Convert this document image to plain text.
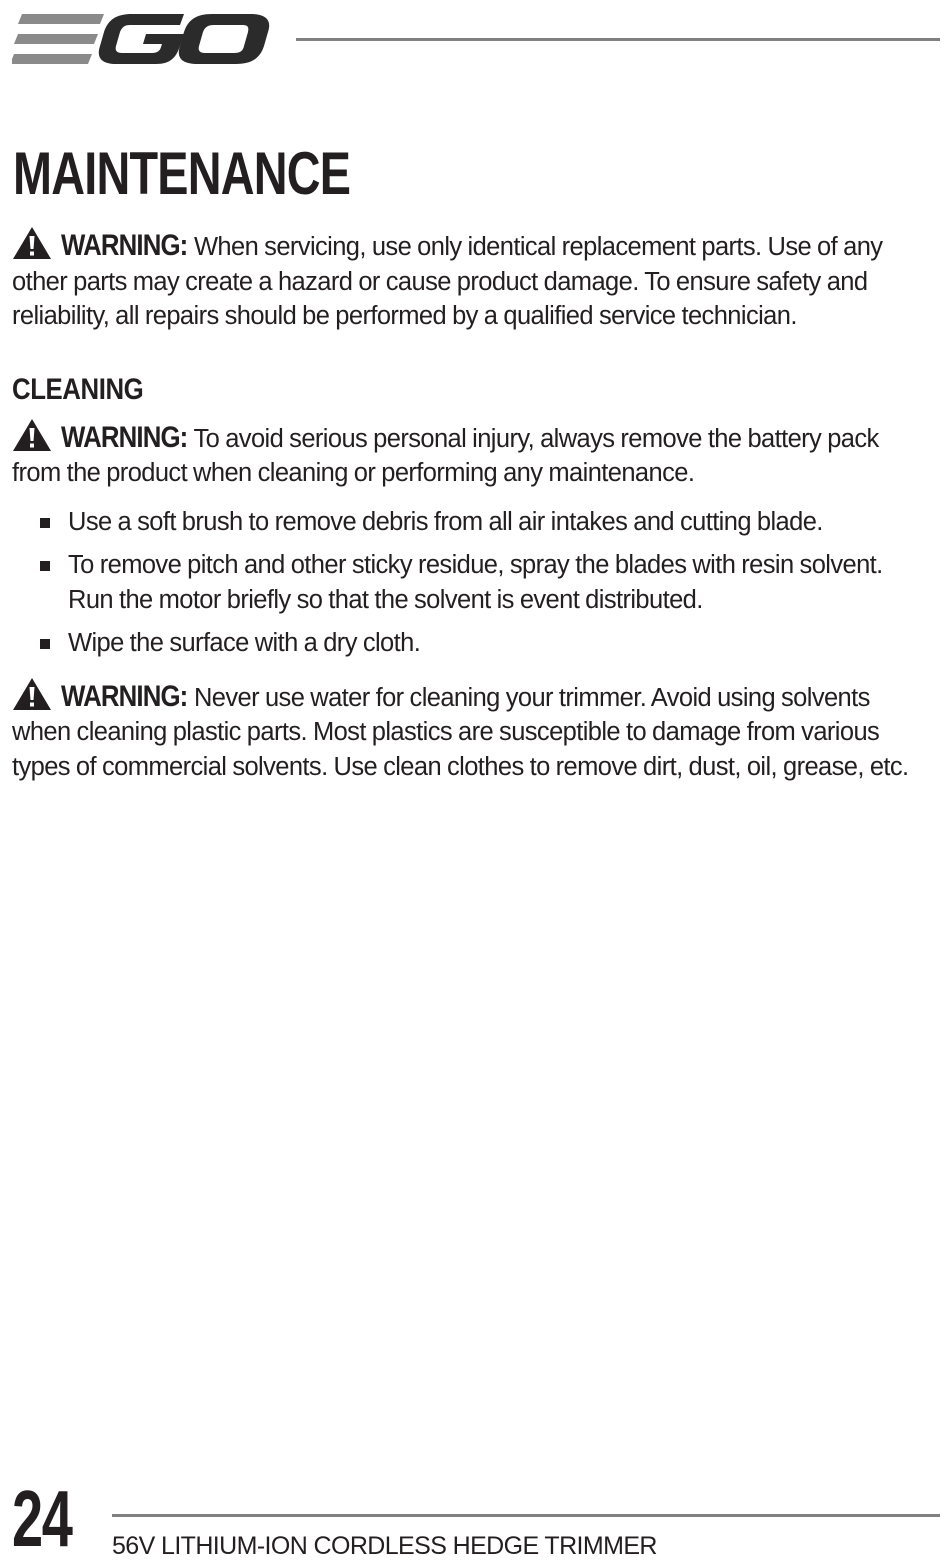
MAINTENANCE

WARNING: When servicing, use only identical replacement parts. Use of any other parts may create a hazard or cause product damage. To ensure safety and reliability, all repairs should be performed by a qualified service technician.

CLEANING

WARNING: To avoid serious personal injury, always remove the battery pack from the product when cleaning or performing any maintenance.

Use a soft brush to remove debris from all air intakes and cutting blade.
To remove pitch and other sticky residue, spray the blades with resin solvent. Run the motor briefly so that the solvent is event distributed.
Wipe the surface with a dry cloth.

WARNING: Never use water for cleaning your trimmer. Avoid using solvents when cleaning plastic parts. Most plastics are susceptible to damage from various types of commercial solvents. Use clean clothes to remove dirt, dust, oil, grease, etc.

24 56V LITHIUM-ION CORDLESS HEDGE TRIMMER
